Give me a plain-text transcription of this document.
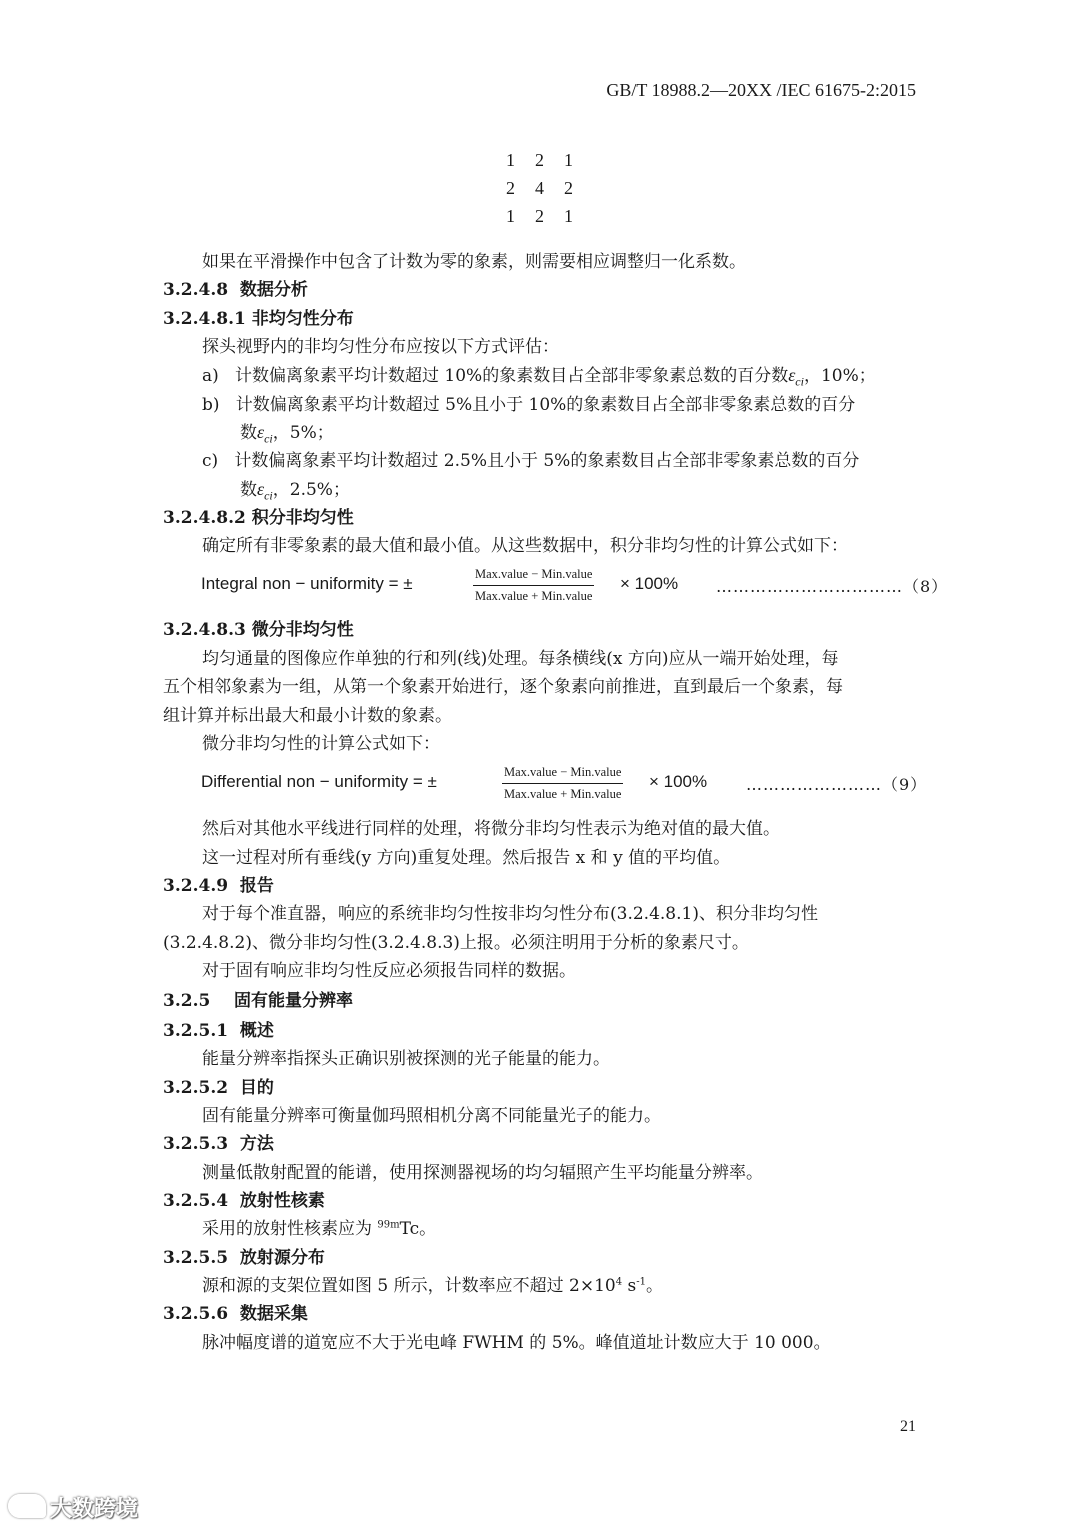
GB/T 18988.2—20XX /IEC 61675-2:2015
1 2 1
2 4 2
1 2 1
如果在平滑操作中包含了计数为零的象素，则需要相应调整归一化系数。
3.2.4.8 数据分析
3.2.4.8.1 非均匀性分布
探头视野内的非均匀性分布应按以下方式评估：
a) 计数偏离象素平均计数超过 10%的象素数目占全部非零象素总数的百分数$\varepsilon_{ci}$，10%；
b) 计数偏离象素平均计数超过 5%且小于 10%的象素数目占全部非零象素总数的百分
数$\varepsilon_{ci}$，5%；
c) 计数偏离象素平均计数超过 2.5%且小于 5%的象素数目占全部非零象素总数的百分
数$\varepsilon_{ci}$，2.5%；
3.2.4.8.2 积分非均匀性
确定所有非零象素的最大值和最小值。从这些数据中，积分非均匀性的计算公式如下：
Integral non − uniformity = ±	Max.value − Min.value
Max.value + Min.value
× 100% ……………………………（8）
3.2.4.8.3 微分非均匀性
均匀通量的图像应作单独的行和列(线)处理。每条横线(x 方向)应从一端开始处理，每
五个相邻象素为一组，从第一个象素开始进行，逐个象素向前推进，直到最后一个象素，每
组计算并标出最大和最小计数的象素。
微分非均匀性的计算公式如下：
Differential non − uniformity = ±	Max.value − Min.value
Max.value + Min.value
× 100% ……………………（9）
然后对其他水平线进行同样的处理，将微分非均匀性表示为绝对值的最大值。
这一过程对所有垂线(y 方向)重复处理。然后报告 x 和 y 值的平均值。
3.2.4.9 报告
对于每个准直器，响应的系统非均匀性按非均匀性分布(3.2.4.8.1)、积分非均匀性
(3.2.4.8.2)、微分非均匀性(3.2.4.8.3)上报。必须注明用于分析的象素尺寸。
对于固有响应非均匀性反应必须报告同样的数据。
3.2.5 固有能量分辨率
3.2.5.1 概述
能量分辨率指探头正确识别被探测的光子能量的能力。
3.2.5.2 目的
固有能量分辨率可衡量伽玛照相机分离不同能量光子的能力。
3.2.5.3 方法
测量低散射配置的能谱，使用探测器视场的均匀辐照产生平均能量分辨率。
3.2.5.4 放射性核素
采用的放射性核素应为 $^{99m}$Tc。
3.2.5.5 放射源分布
源和源的支架位置如图 5 所示，计数率应不超过 $2\times 10^4$ $s^{-1}$。
3.2.5.6 数据采集
脉冲幅度谱的道宽应不大于光电峰 FWHM 的 5%。峰值道址计数应大于 10 000。
21
大数跨境
